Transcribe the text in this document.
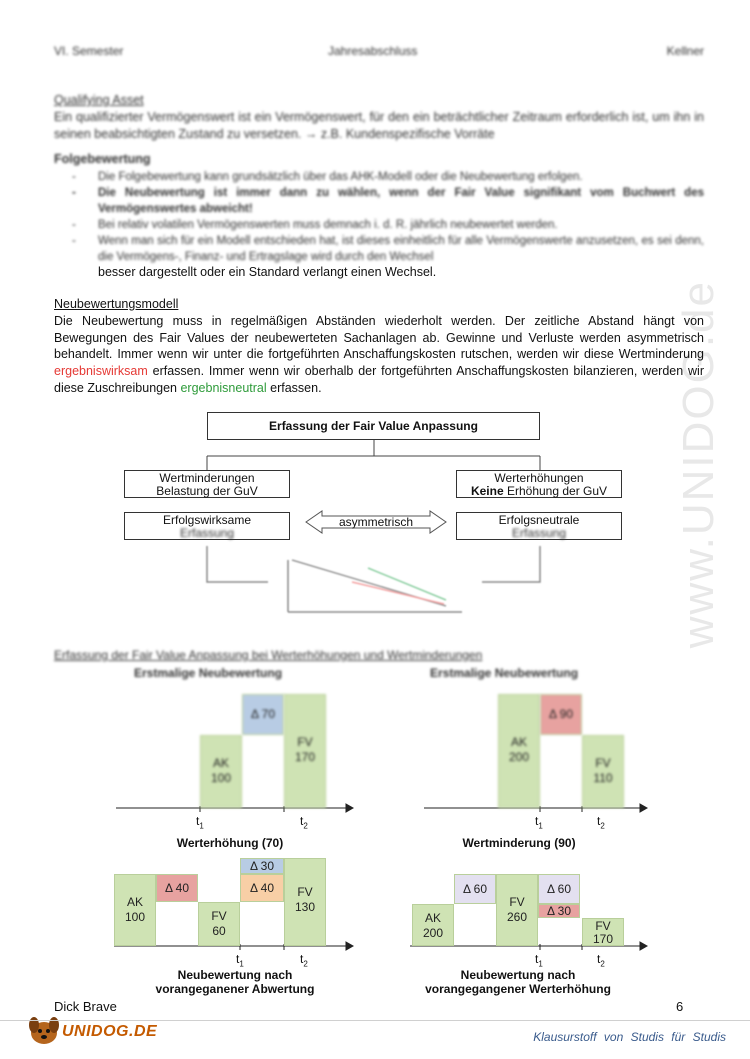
VI. Semester	Jahresabschluss	Kellner
www.UNIDOG.de
Qualifying Asset
Ein qualifizierter Vermögenswert ist ein Vermögenswert, für den ein beträchtlicher Zeitraum erforderlich ist, um ihn in seinen beabsichtigten Zustand zu versetzen. → z.B. Kundenspezifische Vorräte
Folgebewertung
- Die Folgebewertung kann grundsätzlich über das AHK-Modell oder die Neubewertung erfolgen.
- Die Neubewertung ist immer dann zu wählen, wenn der Fair Value signifikant vom Buchwert des Vermögenswertes abweicht!
- Bei relativ volatilen Vermögenswerten muss demnach i. d. R. jährlich neubewertet werden.
- Wenn man sich für ein Modell entschieden hat, ist dieses einheitlich für alle Vermögenswerte anzusetzen, es sei denn, die Vermögens-, Finanz- und Ertragslage wird durch den Wechsel
besser dargestellt oder ein Standard verlangt einen Wechsel.
Neubewertungsmodell
Die Neubewertung muss in regelmäßigen Abständen wiederholt werden. Der zeitliche Abstand hängt von Bewegungen des Fair Values der neubewerteten Sachanlagen ab. Gewinne und Verluste werden asymmetrisch behandelt. Immer wenn wir unter die fortgeführten Anschaffungskosten rutschen, werden wir diese Wertminderung ergebniswirksam erfassen. Immer wenn wir oberhalb der fortgeführten Anschaffungskosten bilanzieren, werden wir diese Zuschreibungen ergebnisneutral erfassen.
Erfassung der Fair Value Anpassung
Wertminderungen
Belastung der GuV
Werterhöhungen
Keine Erhöhung der GuV
Erfolgswirksame
Erfassung
Erfolgsneutrale
Erfassung
asymmetrisch
Erfassung der Fair Value Anpassung bei Werterhöhungen und Wertminderungen
Erstmalige Neubewertung	Erstmalige Neubewertung
AK
100
Δ 70
FV
170
$t_1$	$t_2$
Werterhöhung (70)
AK
200
Δ 90
FV
110
$t_1$	$t_2$
Wertminderung (90)
AK
100
Δ 40
FV
60
Δ 30
Δ 40	FV
130
$t_1$	$t_2$
Neubewertung nach
vorangeganener Abwertung
AK
200
Δ 60
FV
260
Δ 60
Δ 30
FV
170
$t_1$	$t_2$
Neubewertung nach
vorangegangener Werterhöhung
Dick Brave	6
UNIDOG.DE	Klausurstoff von Studis für Studis
